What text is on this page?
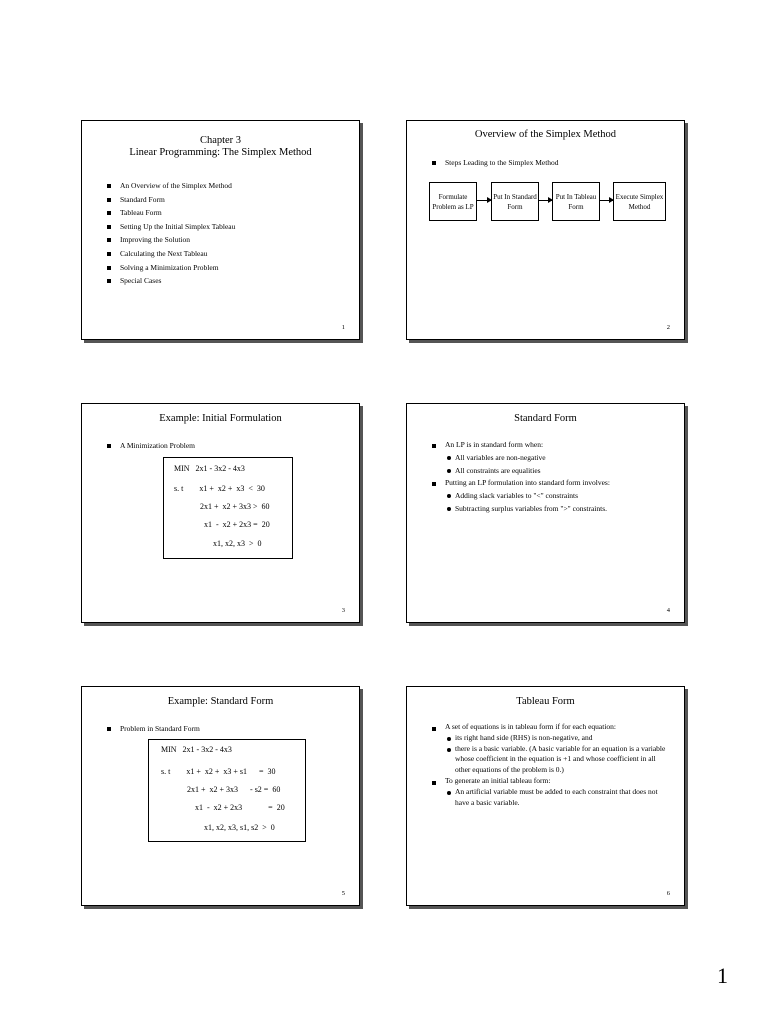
Chapter 3
Linear Programming: The Simplex Method
An Overview of the Simplex Method
Standard Form
Tableau Form
Setting Up the Initial Simplex Tableau
Improving the Solution
Calculating the Next Tableau
Solving a Minimization Problem
Special Cases
1
Overview of the Simplex Method
Steps Leading to the Simplex Method
Formulate Problem as LP
Put In Standard Form
Put In Tableau Form
Execute Simplex Method
2
Example: Initial Formulation
A Minimization Problem
MIN   2x1 - 3x2 - 4x3
s. t        x1 +  x2 +  x3  <  30
2x1 +  x2 + 3x3 >  60
x1  -  x2 + 2x3 =  20
x1, x2, x3  >  0
3
Standard Form
An LP is in standard form when:
All variables are non-negative
All constraints are equalities
Putting an LP formulation into standard form involves:
Adding slack variables to "<" constraints
Subtracting surplus variables from ">" constraints.
4
Example: Standard Form
Problem in Standard Form
MIN   2x1 - 3x2 - 4x3
s. t        x1 +  x2 +  x3 + s1      =  30
2x1 +  x2 + 3x3      - s2 =  60
x1  -  x2 + 2x3             =  20
x1, x2, x3, s1, s2  >  0
5
Tableau Form
A set of equations is in tableau form if for each equation:
its right hand side (RHS) is non-negative, and
there is a basic variable. (A basic variable for an equation is a variable whose coefficient in the equation is +1 and whose coefficient in all other equations of the problem is 0.)
To generate an initial tableau form:
An artificial variable must be added to each constraint that does not have a basic variable.
6
1
